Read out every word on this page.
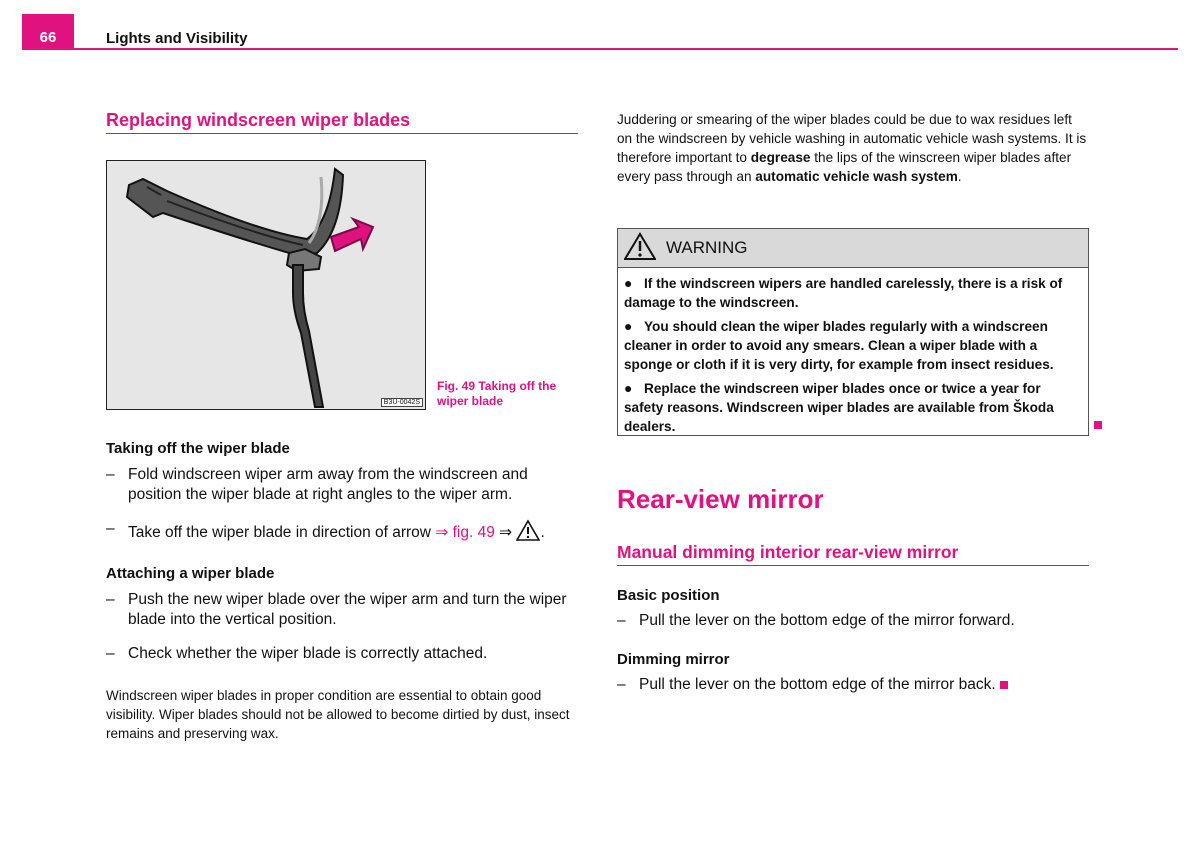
66	Lights and Visibility
Replacing windscreen wiper blades
B3U-0042S
Fig. 49 Taking off the wiper blade

Taking off the wiper blade

– Fold windscreen wiper arm away from the windscreen and position the wiper blade at right angles to the wiper arm.
– Take off the wiper blade in direction of arrow ⇒ fig. 49 ⇒ .

Attaching a wiper blade

– Push the new wiper blade over the wiper arm and turn the wiper blade into the vertical position.
– Check whether the wiper blade is correctly attached.
Windscreen wiper blades in proper condition are essential to obtain good visibility. Wiper blades should not be allowed to become dirtied by dust, insect remains and preserving wax.
Juddering or smearing of the wiper blades could be due to wax residues left on the windscreen by vehicle washing in automatic vehicle wash systems. It is therefore important to degrease the lips of the winscreen wiper blades after every pass through an automatic vehicle wash system.
WARNING

● If the windscreen wipers are handled carelessly, there is a risk of damage to the windscreen.

● You should clean the wiper blades regularly with a windscreen cleaner in order to avoid any smears. Clean a wiper blade with a sponge or cloth if it is very dirty, for example from insect residues.

● Replace the windscreen wiper blades once or twice a year for safety reasons. Windscreen wiper blades are available from Škoda dealers.

Rear-view mirror
Manual dimming interior rear-view mirror

Basic position

– Pull the lever on the bottom edge of the mirror forward.

Dimming mirror

– Pull the lever on the bottom edge of the mirror back.
